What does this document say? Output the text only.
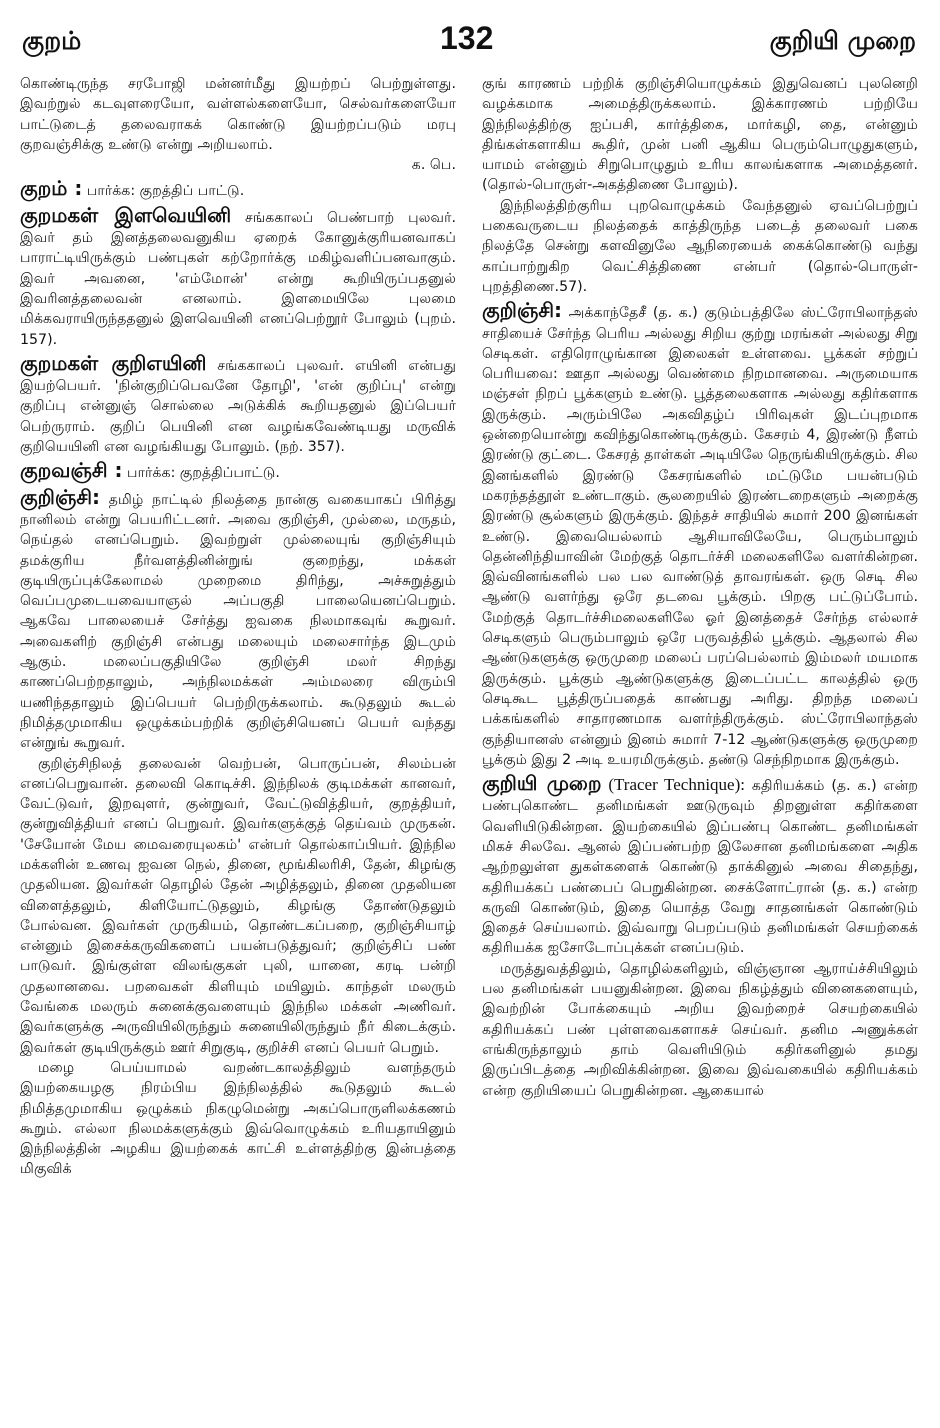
குறம்	132	குறியி முறை

கொண்டிருந்த சரபோஜி மன்னர்மீது இயற்றப் பெற்றுள்ளது. இவற்றுல் கடவுளரையோ, வள்ளல்களையோ, செல்வர்களையோ பாட்டுடைத் தலைவராகக் கொண்டு இயற்றப்படும் மரபு குறவஞ்சிக்கு உண்டு என்று அறியலாம்.
க. பெ.

குறம் : பார்க்க: குறத்திப் பாட்டு.

குறமகள் இளவெயினி சங்ககாலப் பெண்பாற் புலவர். இவர் தம் இனத்தலைவனுகிய ஏறைக் கோனுக்குரியனவாகப் பாராட்டியிருக்கும் பண்புகள் கற்றோர்க்கு மகிழ்வளிப்பனவாகும். இவர் அவனை, 'எம்மோன்' என்று கூறியிருப்பதனுல் இவரினத்தலைவன் எனலாம். இளமையிலே புலமை மிக்கவராயிருந்ததனுல் இளவெயினி எனப்பெற்றூர் போலும் (புறம். 157).

குறமகள் குறிஎயினி சங்ககாலப் புலவர். எயினி என்பது இயற்பெயர். 'நின்குறிப்பெவனே தோழி', 'என் குறிப்பு' என்று குறிப்பு என்னுஞ் சொல்லை அடுக்கிக் கூறியதனுல் இப்பெயர் பெற்ருராம். குறிப் பெயினி என வழங்கவேண்டியது மருவிக் குறியெயினி என வழங்கியது போலும். (நற். 357).

குறவஞ்சி : பார்க்க: குறத்திப்பாட்டு.

குறிஞ்சி: தமிழ் நாட்டில் நிலத்தை நான்கு வகையாகப் பிரித்து நானிலம் என்று பெயரிட்டனர். அவை குறிஞ்சி, முல்லை, மருதம், நெய்தல் எனப்பெறும். இவற்றுள் முல்லையுங் குறிஞ்சியும் தமக்குரிய நீர்வளத்தினின்றுங் குறைந்து, மக்கள் குடியிருப்புக்கேலாமல் முறைமை திரிந்து, அச்சுறுத்தும் வெப்பமுடையவையாஞல் அப்பகுதி பாலையெனப்பெறும். ஆகவே பாலையைச் சேர்த்து ஐவகை நிலமாகவுங் கூறுவர். அவைகளிற் குறிஞ்சி என்பது மலையும் மலைசார்ந்த இடமும் ஆகும். மலைப்பகுதியிலே குறிஞ்சி மலர் சிறந்து காணப்பெற்றதாலும், அந்நிலமக்கள் அம்மலரை விரும்பி யணிந்ததாலும் இப்பெயர் பெற்றிருக்கலாம். கூடுதலும் கூடல் நிமித்தமுமாகிய ஒழுக்கம்பற்றிக் குறிஞ்சியெனப் பெயர் வந்தது என்றுங் கூறுவர்.

குறிஞ்சிநிலத் தலைவன் வெற்பன், பொருப்பன், சிலம்பன் எனப்பெறுவான். தலைவி கொடிச்சி. இந்நிலக் குடிமக்கள் கானவர், வேட்டுவர், இறவுளர், குன்றுவர், வேட்டுவித்தியர், குறத்தியர், குன்றுவித்தியர் எனப் பெறுவர். இவர்களுக்குத் தெய்வம் முருகன். 'சேயோன் மேய மைவரையுலகம்' என்பர் தொல்காப்பியர். இந்நில மக்களின் உணவு ஐவன நெல், தினை, மூங்கிலரிசி, தேன், கிழங்கு முதலியன. இவர்கள் தொழில் தேன் அழித்தலும், தினை முதலியன விளைத்தலும், கிளியோட்டுதலும், கிழங்கு தோண்டுதலும் போல்வன. இவர்கள் முருகியம், தொண்டகப்பறை, குறிஞ்சியாழ் என்னும் இசைக்கருவிகளைப் பயன்படுத்துவர்; குறிஞ்சிப் பண் பாடுவர். இங்குள்ள விலங்குகள் புலி, யானை, கரடி பன்றி முதலானவை. பறவைகள் கிளியும் மயிலும். காந்தள் மலரும் வேங்கை மலரும் சுனைக்குவளையும் இந்நில மக்கள் அணிவர். இவர்களுக்கு அருவியிலிருந்தும் சுனையிலிருந்தும் நீர் கிடைக்கும். இவர்கள் குடியிருக்கும் ஊர் சிறுகுடி, குறிச்சி எனப் பெயர் பெறும்.

மழை பெய்யாமல் வறண்டகாலத்திலும் வளந்தரும் இயற்கையழகு நிரம்பிய இந்நிலத்தில் கூடுதலும் கூடல் நிமித்தமுமாகிய ஒழுக்கம் நிகழுமென்று அகப்பொருளிலக்கணம் கூறும். எல்லா நிலமக்களுக்கும் இவ்வொழுக்கம் உரியதாயினும் இந்நிலத்தின் அழகிய இயற்கைக் காட்சி உள்ளத்திற்கு இன்பத்தை மிகுவிக்

குங் காரணம் பற்றிக் குறிஞ்சியொழுக்கம் இதுவெனப் புலனெறி வழக்கமாக அமைத்திருக்கலாம். இக்காரணம் பற்றியே இந்நிலத்திற்கு ஐப்பசி, கார்த்திகை, மார்கழி, தை, என்னும் திங்கள்களாகிய கூதிர், முன் பனி ஆகிய பெரும்பொழுதுகளும், யாமம் என்னும் சிறுபொழுதும் உரிய காலங்களாக அமைத்தனர். (தொல்-பொருள்-அகத்திணை போலும்).

இந்நிலத்திற்குரிய புறவொழுக்கம் வேந்தனுல் ஏவப்பெற்றுப் பகைவருடைய நிலத்தைக் காத்திருந்த படைத் தலைவர் பகை நிலத்தே சென்று களவினுலே ஆநிரையைக் கைக்கொண்டு வந்து காப்பாற்றுகிற வெட்சித்திணை என்பர் (தொல்-பொருள்-புறத்திணை.57).

குறிஞ்சி: அக்காந்தேசீ (த. க.) குடும்பத்திலே ஸ்ட்ரோபிலாந்தஸ் சாதியைச் சேர்ந்த பெரிய அல்லது சிறிய குற்று மரங்கள் அல்லது சிறு செடிகள். எதிரொழுங்கான இலைகள் உள்ளவை. பூக்கள் சற்றுப் பெரியவை: ஊதா அல்லது வெண்மை நிறமானவை. அருமையாக மஞ்சள் நிறப் பூக்களும் உண்டு. பூத்தலைகளாக அல்லது கதிர்களாக இருக்கும். அரும்பிலே அகவிதழ்ப் பிரிவுகள் இடப்புறமாக ஒன்றையொன்று கவிந்துகொண்டிருக்கும். கேசரம் 4, இரண்டு நீளம் இரண்டு குட்டை. கேசரத் தாள்கள் அடியிலே நெருங்கியிருக்கும். சில இனங்களில் இரண்டு கேசரங்களில் மட்டுமே பயன்படும் மகரந்தத்தூள் உண்டாகும். சூலறையில் இரண்டறைகளும் அறைக்கு இரண்டு சூல்களும் இருக்கும். இந்தச் சாதியில் சுமார் 200 இனங்கள் உண்டு. இவையெல்லாம் ஆசியாவிலேயே, பெரும்பாலும் தென்னிந்தியாவின் மேற்குத் தொடர்ச்சி மலைகளிலே வளர்கின்றன. இவ்வினங்களில் பல பல வாண்டுத் தாவரங்கள். ஒரு செடி சில ஆண்டு வளர்ந்து ஒரே தடவை பூக்கும். பிறகு பட்டுப்போம். மேற்குத் தொடர்ச்சிமலைகளிலே ஓர் இனத்தைச் சேர்ந்த எல்லாச் செடிகளும் பெரும்பாலும் ஒரே பருவத்தில் பூக்கும். ஆதலால் சில ஆண்டுகளுக்கு ஒருமுறை மலைப் பரப்பெல்லாம் இம்மலர் மயமாக இருக்கும். பூக்கும் ஆண்டுகளுக்கு இடைப்பட்ட காலத்தில் ஒரு செடிகூட பூத்திருப்பதைக் காண்பது அரிது. திறந்த மலைப் பக்கங்களில் சாதாரணமாக வளர்ந்திருக்கும். ஸ்ட்ரோபிலாந்தஸ் குந்தியானஸ் என்னும் இனம் சுமார் 7-12 ஆண்டுகளுக்கு ஒருமுறை பூக்கும் இது 2 அடி உயரமிருக்கும். தண்டு செந்நிறமாக இருக்கும்.

குறியி முறை (Tracer Technique): கதிரியக்கம் (த. க.) என்ற பண்புகொண்ட தனிமங்கள் ஊடுருவும் திறனுள்ள கதிர்களை வெளியிடுகின்றன. இயற்கையில் இப்பண்பு கொண்ட தனிமங்கள் மிகச் சிலவே. ஆனல் இப்பண்பற்ற இலேசான தனிமங்களை அதிக ஆற்றலுள்ள துகள்களைக் கொண்டு தாக்கினுல் அவை சிதைந்து, கதிரியக்கப் பண்பைப் பெறுகின்றன. சைக்ளோட்ரான் (த. க.) என்ற கருவி கொண்டும், இதை யொத்த வேறு சாதனங்கள் கொண்டும் இதைச் செய்யலாம். இவ்வாறு பெறப்படும் தனிமங்கள் செயற்கைக் கதிரியக்க ஐசோடோப்புக்கள் எனப்படும்.

மருத்துவத்திலும், தொழில்களிலும், விஞ்ஞான ஆராய்ச்சியிலும் பல தனிமங்கள் பயனுகின்றன. இவை நிகழ்த்தும் வினைகளையும், இவற்றின் போக்கையும் அறிய இவற்றைச் செயற்கையில் கதிரியக்கப் பண் புள்ளவைகளாகச் செய்வர். தனிம அணுக்கள் எங்கிருந்தாலும் தாம் வெளியிடும் கதிர்களினுல் தமது இருப்பிடத்தை அறிவிக்கின்றன. இவை இவ்வகையில் கதிரியக்கம் என்ற குறியியைப் பெறுகின்றன. ஆகையால்
